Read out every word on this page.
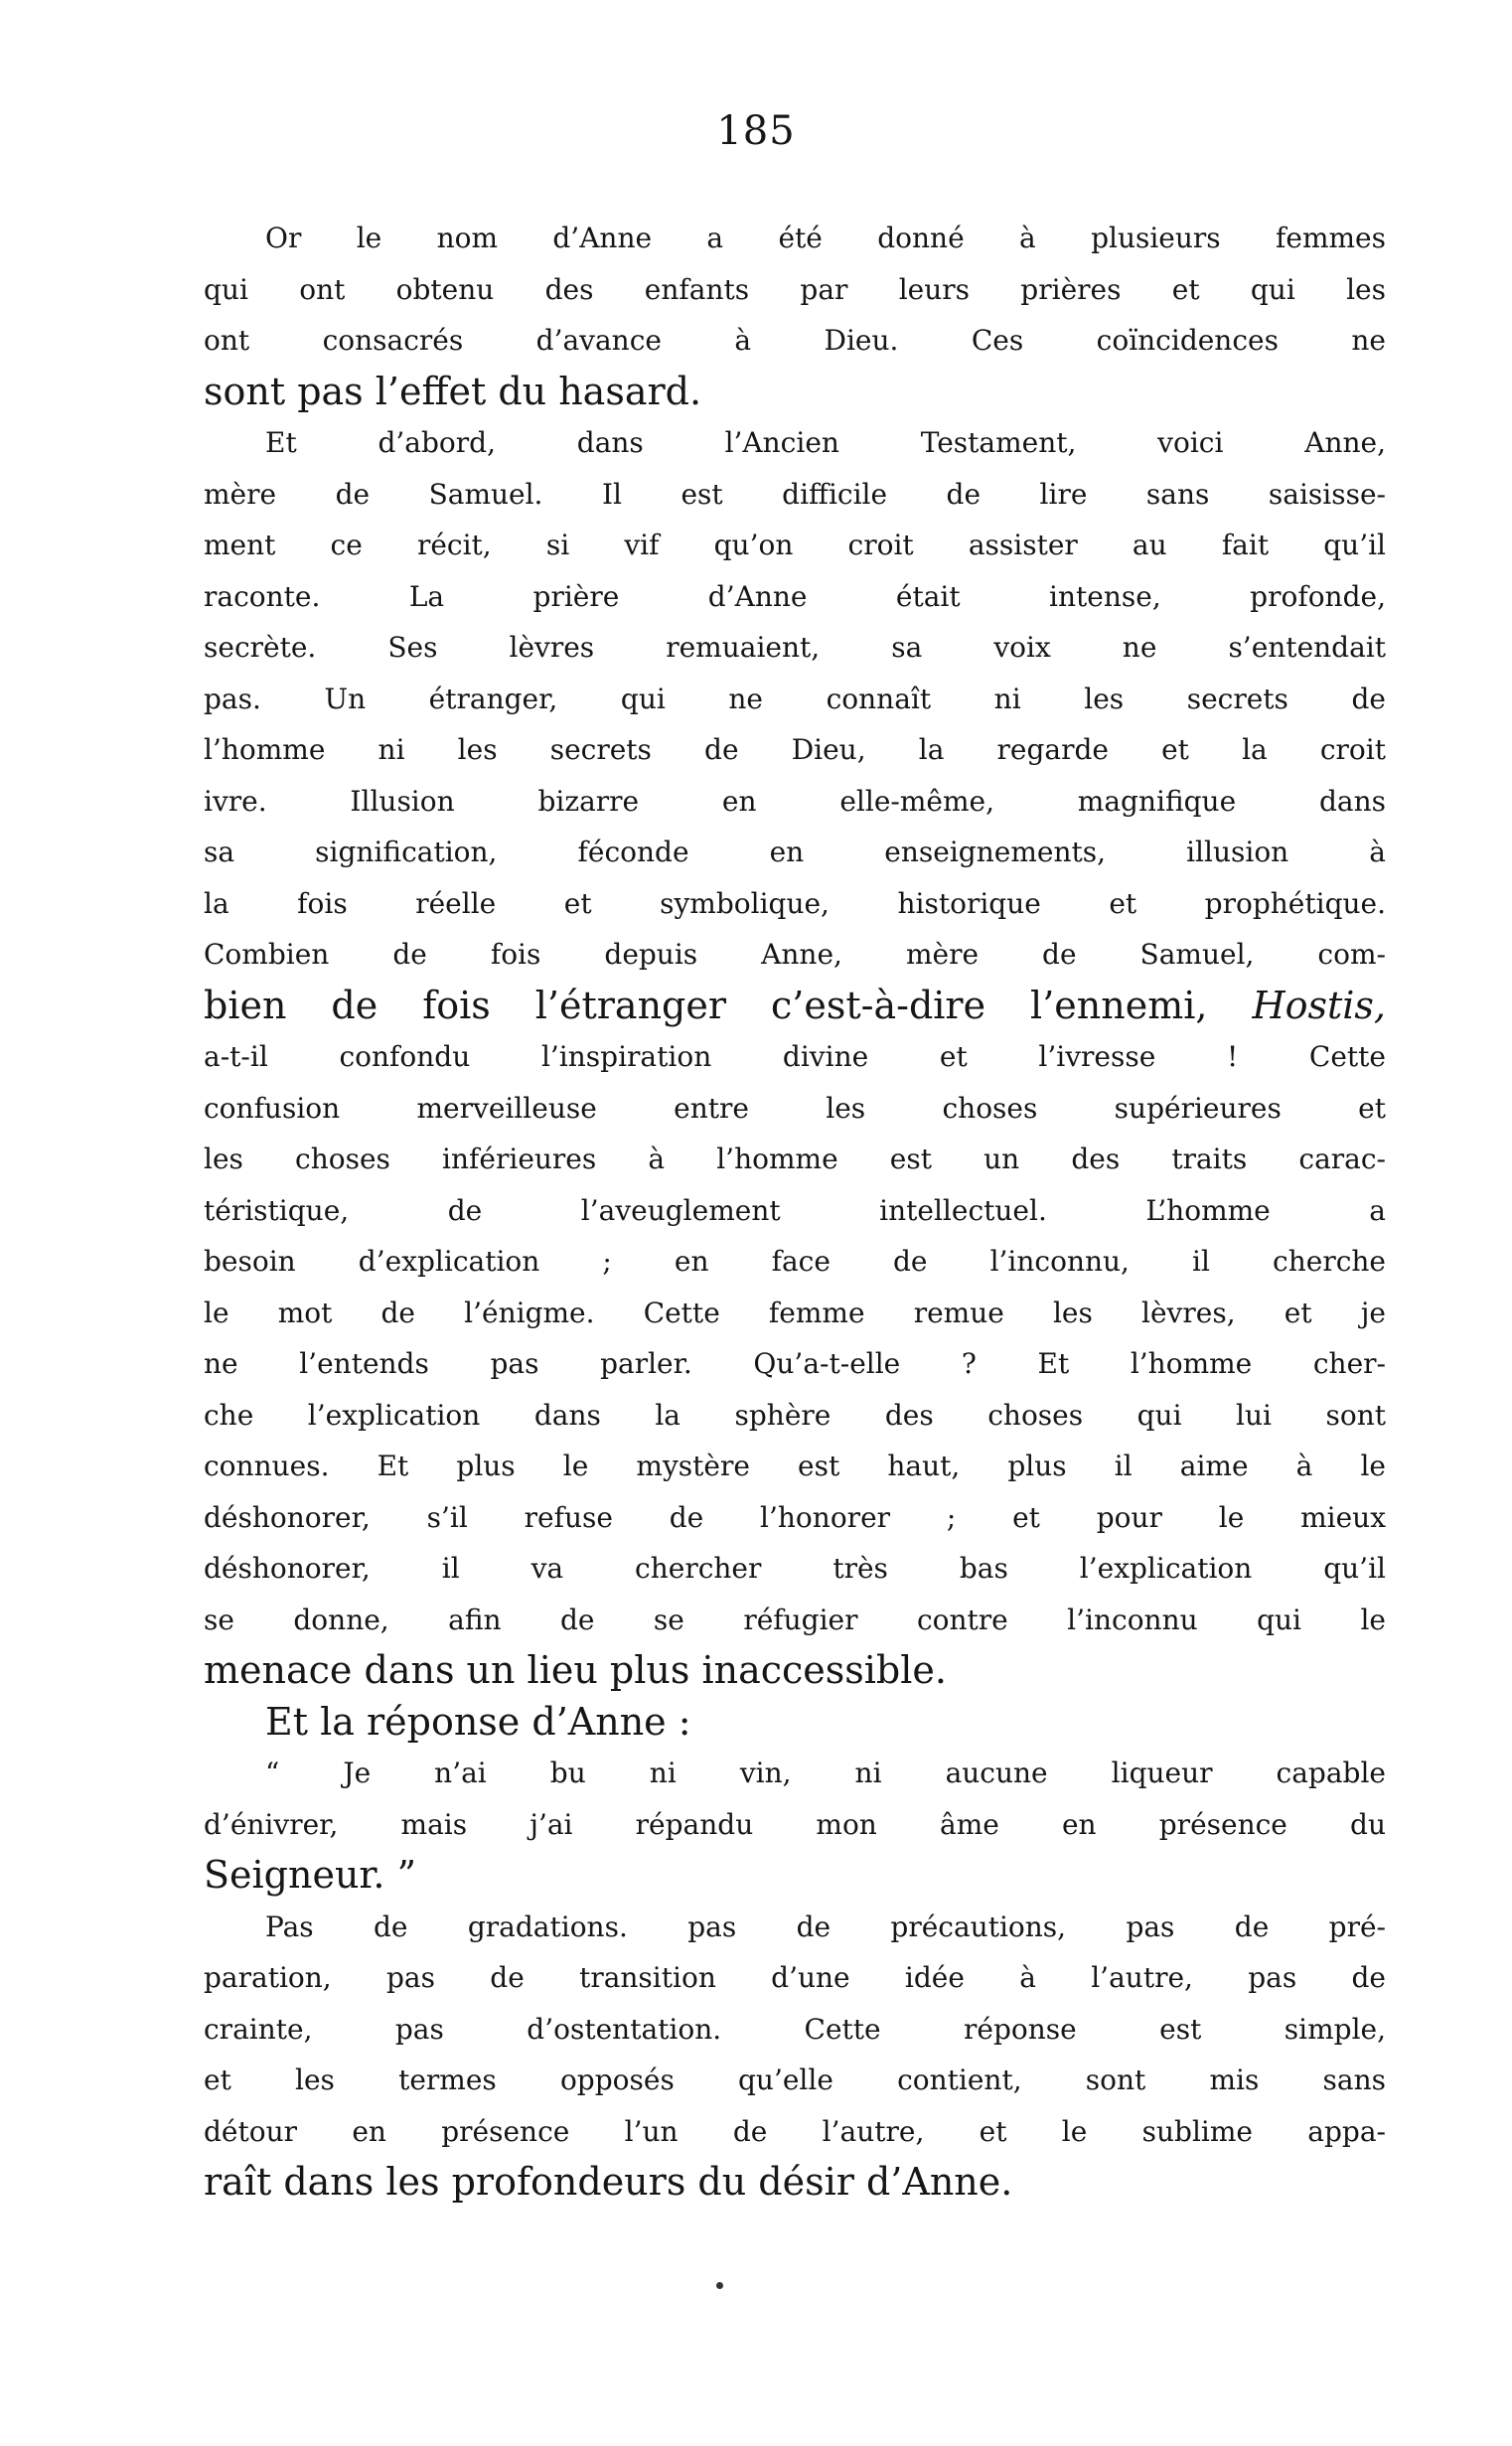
185
Or le nom d’Anne a été donné à plusieurs femmes
qui ont obtenu des enfants par leurs prières et qui les
ont consacrés d’avance à Dieu. Ces coïncidences ne
sont pas l’effet du hasard.
Et d’abord, dans l’Ancien Testament, voici Anne,
mère de Samuel. Il est difficile de lire sans saisisse-
ment ce récit, si vif qu’on croit assister au fait qu’il
raconte. La prière d’Anne était intense, profonde,
secrète. Ses lèvres remuaient, sa voix ne s’entendait
pas. Un étranger, qui ne connaît ni les secrets de
l’homme ni les secrets de Dieu, la regarde et la croit
ivre. Illusion bizarre en elle-même, magnifique dans
sa signification, féconde en enseignements, illusion à
la fois réelle et symbolique, historique et prophétique.
Combien de fois depuis Anne, mère de Samuel, com-
bien de fois l’étranger c’est-à-dire l’ennemi, Hostis,
a-t-il confondu l’inspiration divine et l’ivresse ! Cette
confusion merveilleuse entre les choses supérieures et
les choses inférieures à l’homme est un des traits carac-
téristique, de l’aveuglement intellectuel. L’homme a
besoin d’explication ; en face de l’inconnu, il cherche
le mot de l’énigme. Cette femme remue les lèvres, et je
ne l’entends pas parler. Qu’a-t-elle ? Et l’homme cher-
che l’explication dans la sphère des choses qui lui sont
connues. Et plus le mystère est haut, plus il aime à le
déshonorer, s’il refuse de l’honorer ; et pour le mieux
déshonorer, il va chercher très bas l’explication qu’il
se donne, afin de se réfugier contre l’inconnu qui le
menace dans un lieu plus inaccessible.
Et la réponse d’Anne :
“ Je n’ai bu ni vin, ni aucune liqueur capable
d’énivrer, mais j’ai répandu mon âme en présence du
Seigneur. ”
Pas de gradations. pas de précautions, pas de pré-
paration, pas de transition d’une idée à l’autre, pas de
crainte, pas d’ostentation. Cette réponse est simple,
et les termes opposés qu’elle contient, sont mis sans
détour en présence l’un de l’autre, et le sublime appa-
raît dans les profondeurs du désir d’Anne.
